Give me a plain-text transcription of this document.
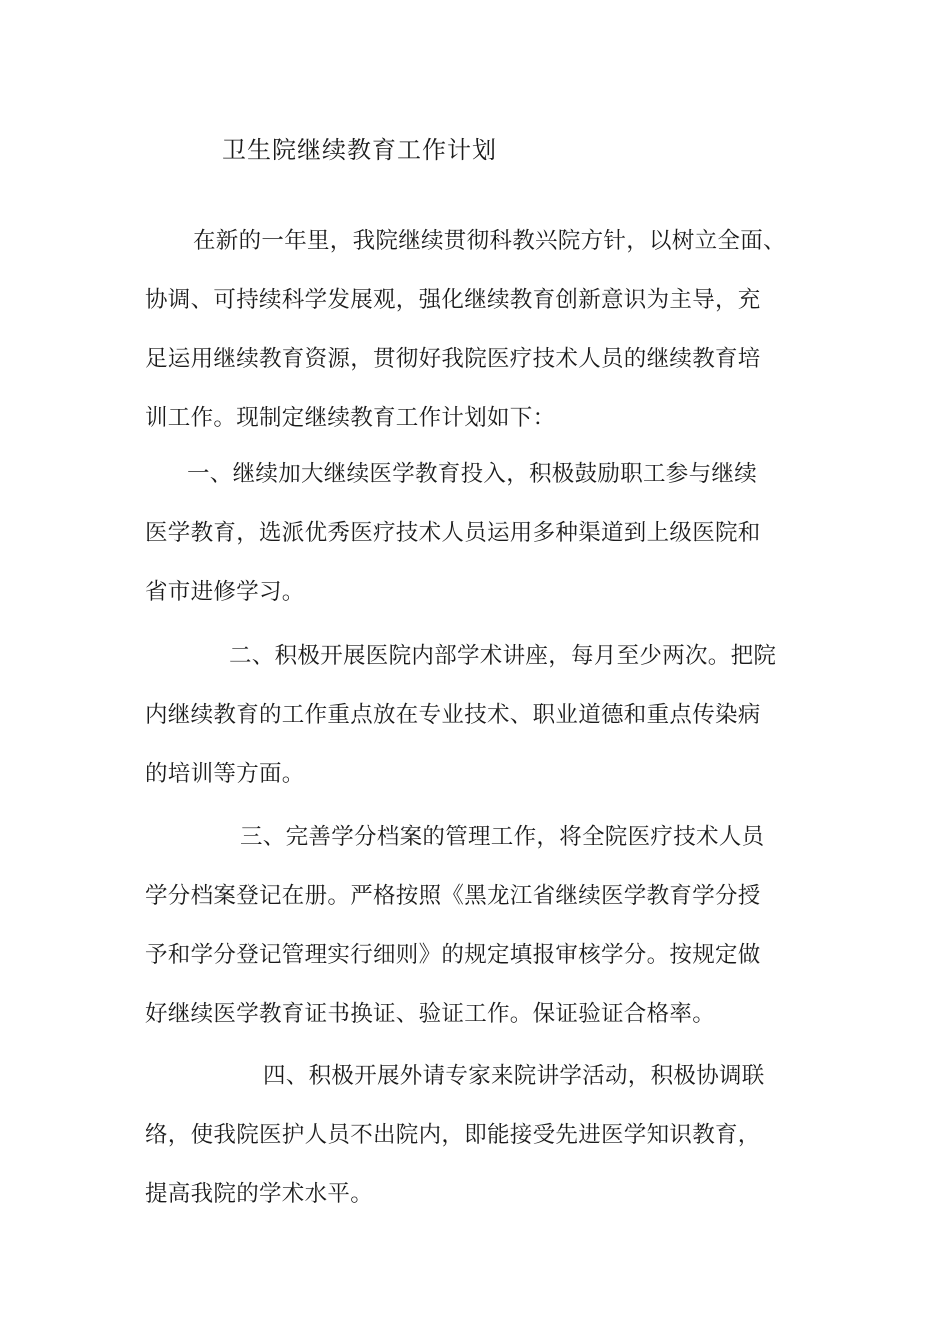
卫生院继续教育工作计划

在新的一年里，我院继续贯彻科教兴院方针，以树立全面、
协调、可持续科学发展观，强化继续教育创新意识为主导，充
足运用继续教育资源，贯彻好我院医疗技术人员的继续教育培
训工作。现制定继续教育工作计划如下：

一、继续加大继续医学教育投入，积极鼓励职工参与继续
医学教育，选派优秀医疗技术人员运用多种渠道到上级医院和
省市进修学习。

二、积极开展医院内部学术讲座，每月至少两次。把院
内继续教育的工作重点放在专业技术、职业道德和重点传染病
的培训等方面。

三、完善学分档案的管理工作，将全院医疗技术人员
学分档案登记在册。严格按照《黑龙江省继续医学教育学分授
予和学分登记管理实行细则》的规定填报审核学分。按规定做
好继续医学教育证书换证、验证工作。保证验证合格率。

四、积极开展外请专家来院讲学活动，积极协调联
络，使我院医护人员不出院内，即能接受先进医学知识教育，
提高我院的学术水平。
